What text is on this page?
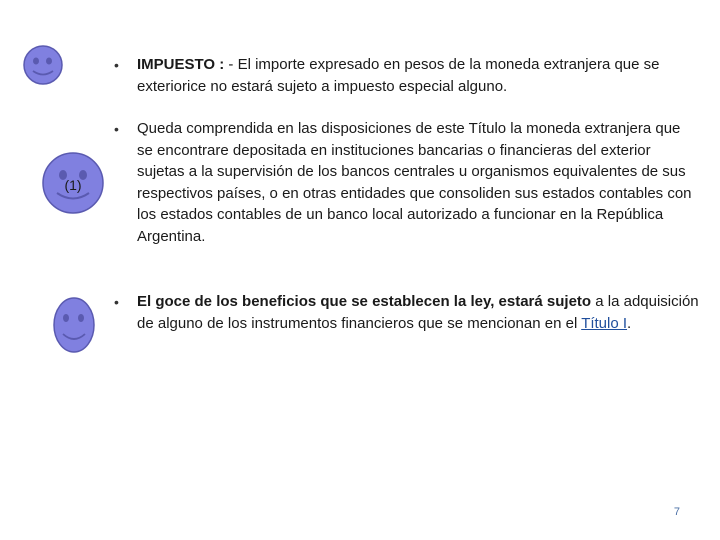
(1)
• IMPUESTO : - El importe expresado en pesos de la moneda extranjera que se exteriorice no estará sujeto a impuesto especial alguno.
• Queda comprendida en las disposiciones de este Título la moneda extranjera que se encontrare depositada en instituciones bancarias o financieras del exterior sujetas a la supervisión de los bancos centrales u organismos equivalentes de sus respectivos países, o en otras entidades que consoliden sus estados contables con los estados contables de un banco local autorizado a funcionar en la República Argentina.
• El goce de los beneficios que se establecen la ley, estará sujeto a la adquisición de alguno de los instrumentos financieros que se mencionan en el Título I.
7
